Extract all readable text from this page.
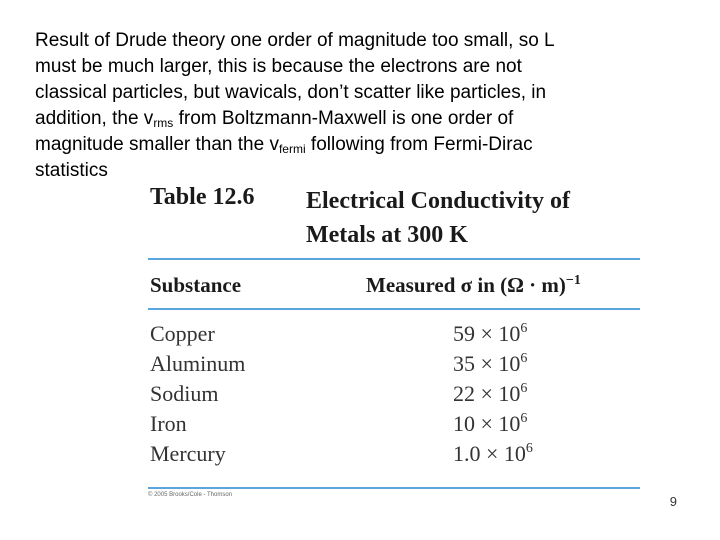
Result of Drude theory one order of magnitude too small, so L
must be much larger, this is because the electrons are not
classical particles, but wavicals, don’t scatter like particles, in
addition, the $v_{rms}$ from Boltzmann-Maxwell is one order of
magnitude smaller than the $v_{fermi}$ following from Fermi-Dirac
statistics

Table 12.6 Electrical Conductivity of
Metals at 300 K
Substance	Measured σ in $(\Omega \cdot m)^{-1}$
Copper	$59 \times 10^6$
Aluminum	$35 \times 10^6$
Sodium	$22 \times 10^6$
Iron	$10 \times 10^6$
Mercury	$1.0 \times 10^6$
© 2005 Brooks/Cole - Thomson	9
